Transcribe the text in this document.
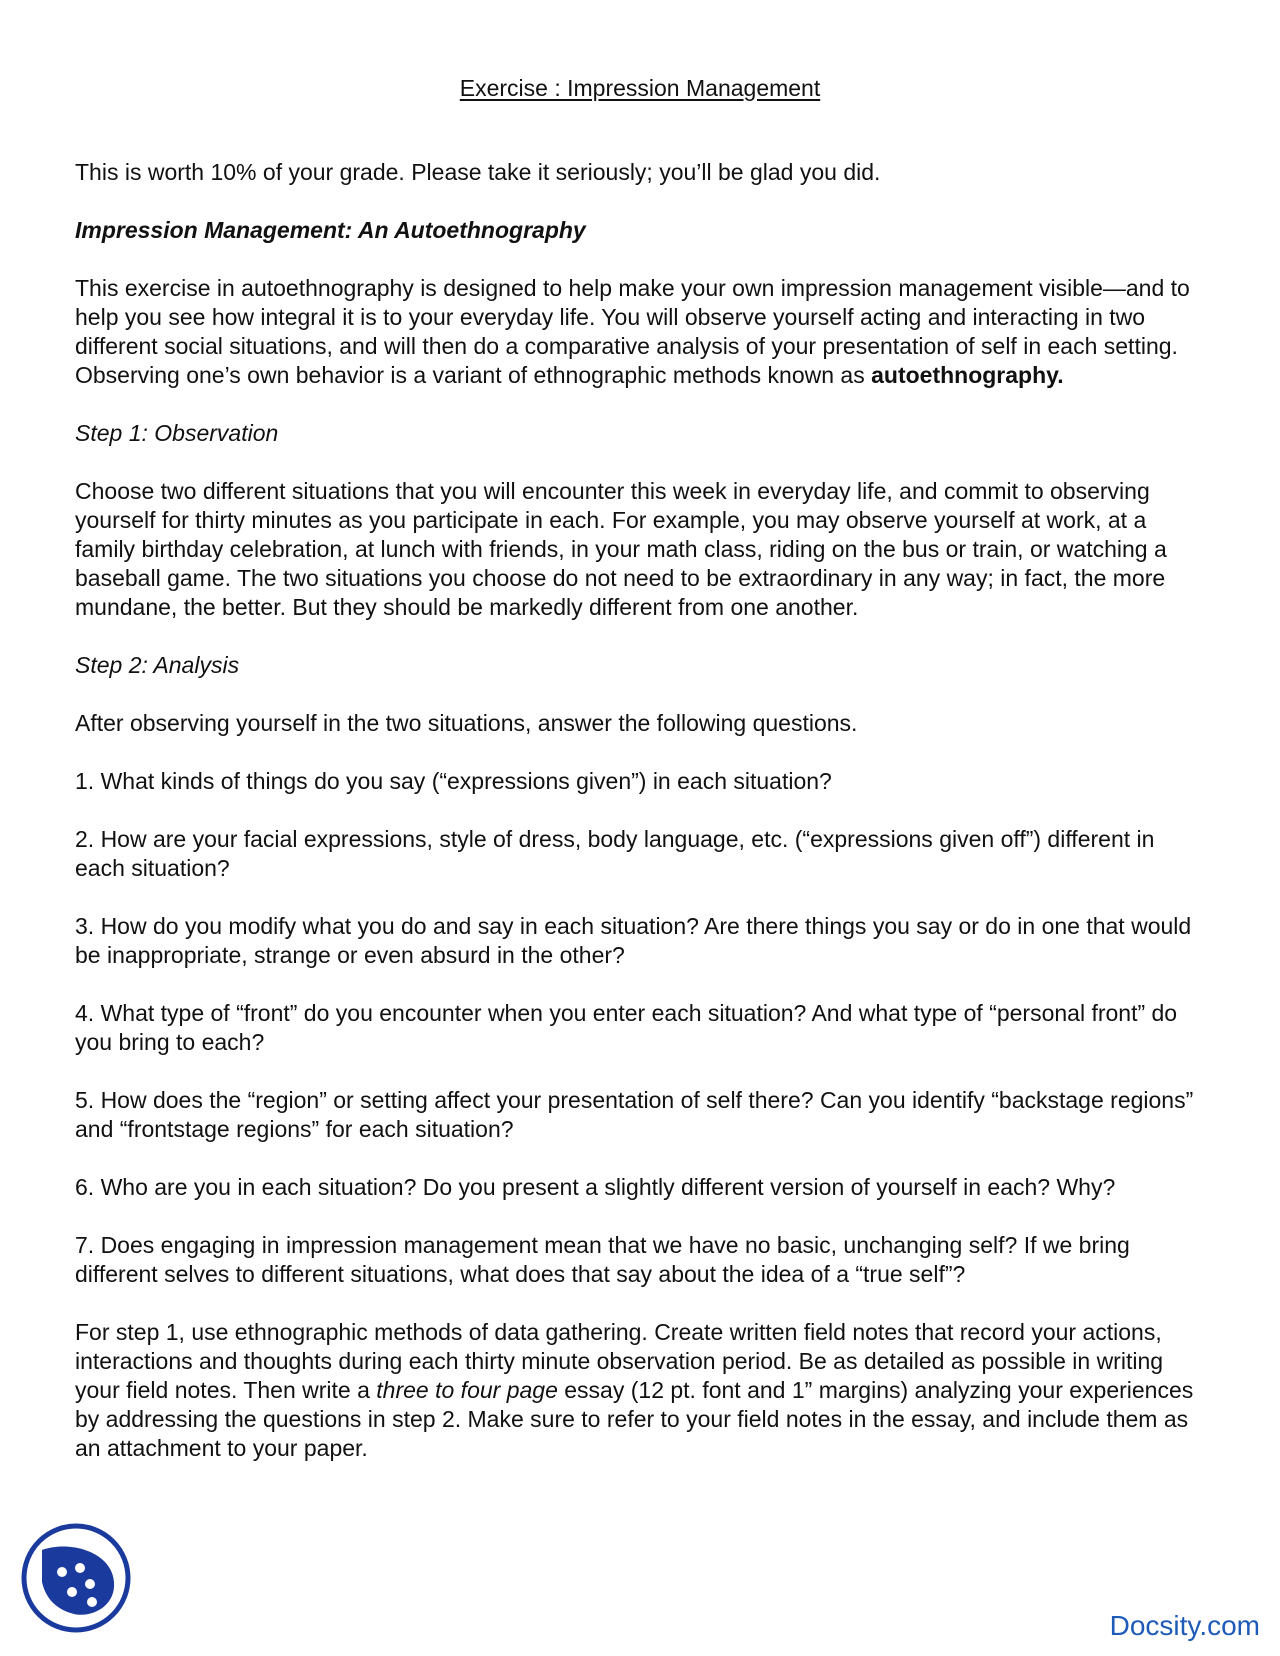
Exercise : Impression Management

This is worth 10% of your grade. Please take it seriously; you’ll be glad you did.

Impression Management: An Autoethnography

This exercise in autoethnography is designed to help make your own impression management visible—and to help you see how integral it is to your everyday life. You will observe yourself acting and interacting in two different social situations, and will then do a comparative analysis of your presentation of self in each setting. Observing one’s own behavior is a variant of ethnographic methods known as autoethnography.

Step 1: Observation

Choose two different situations that you will encounter this week in everyday life, and commit to observing yourself for thirty minutes as you participate in each. For example, you may observe yourself at work, at a family birthday celebration, at lunch with friends, in your math class, riding on the bus or train, or watching a baseball game. The two situations you choose do not need to be extraordinary in any way; in fact, the more mundane, the better. But they should be markedly different from one another.

Step 2: Analysis

After observing yourself in the two situations, answer the following questions.

1. What kinds of things do you say (“expressions given”) in each situation?

2. How are your facial expressions, style of dress, body language, etc. (“expressions given off”) different in each situation?

3. How do you modify what you do and say in each situation? Are there things you say or do in one that would be inappropriate, strange or even absurd in the other?

4. What type of “front” do you encounter when you enter each situation? And what type of “personal front” do you bring to each?

5. How does the “region” or setting affect your presentation of self there? Can you identify “backstage regions” and “frontstage regions” for each situation?

6. Who are you in each situation? Do you present a slightly different version of yourself in each? Why?

7. Does engaging in impression management mean that we have no basic, unchanging self? If we bring different selves to different situations, what does that say about the idea of a “true self”?

For step 1, use ethnographic methods of data gathering. Create written field notes that record your actions, interactions and thoughts during each thirty minute observation period. Be as detailed as possible in writing your field notes. Then write a three to four page essay (12 pt. font and 1” margins) analyzing your experiences by addressing the questions in step 2. Make sure to refer to your field notes in the essay, and include them as an attachment to your paper.

Docsity.com
